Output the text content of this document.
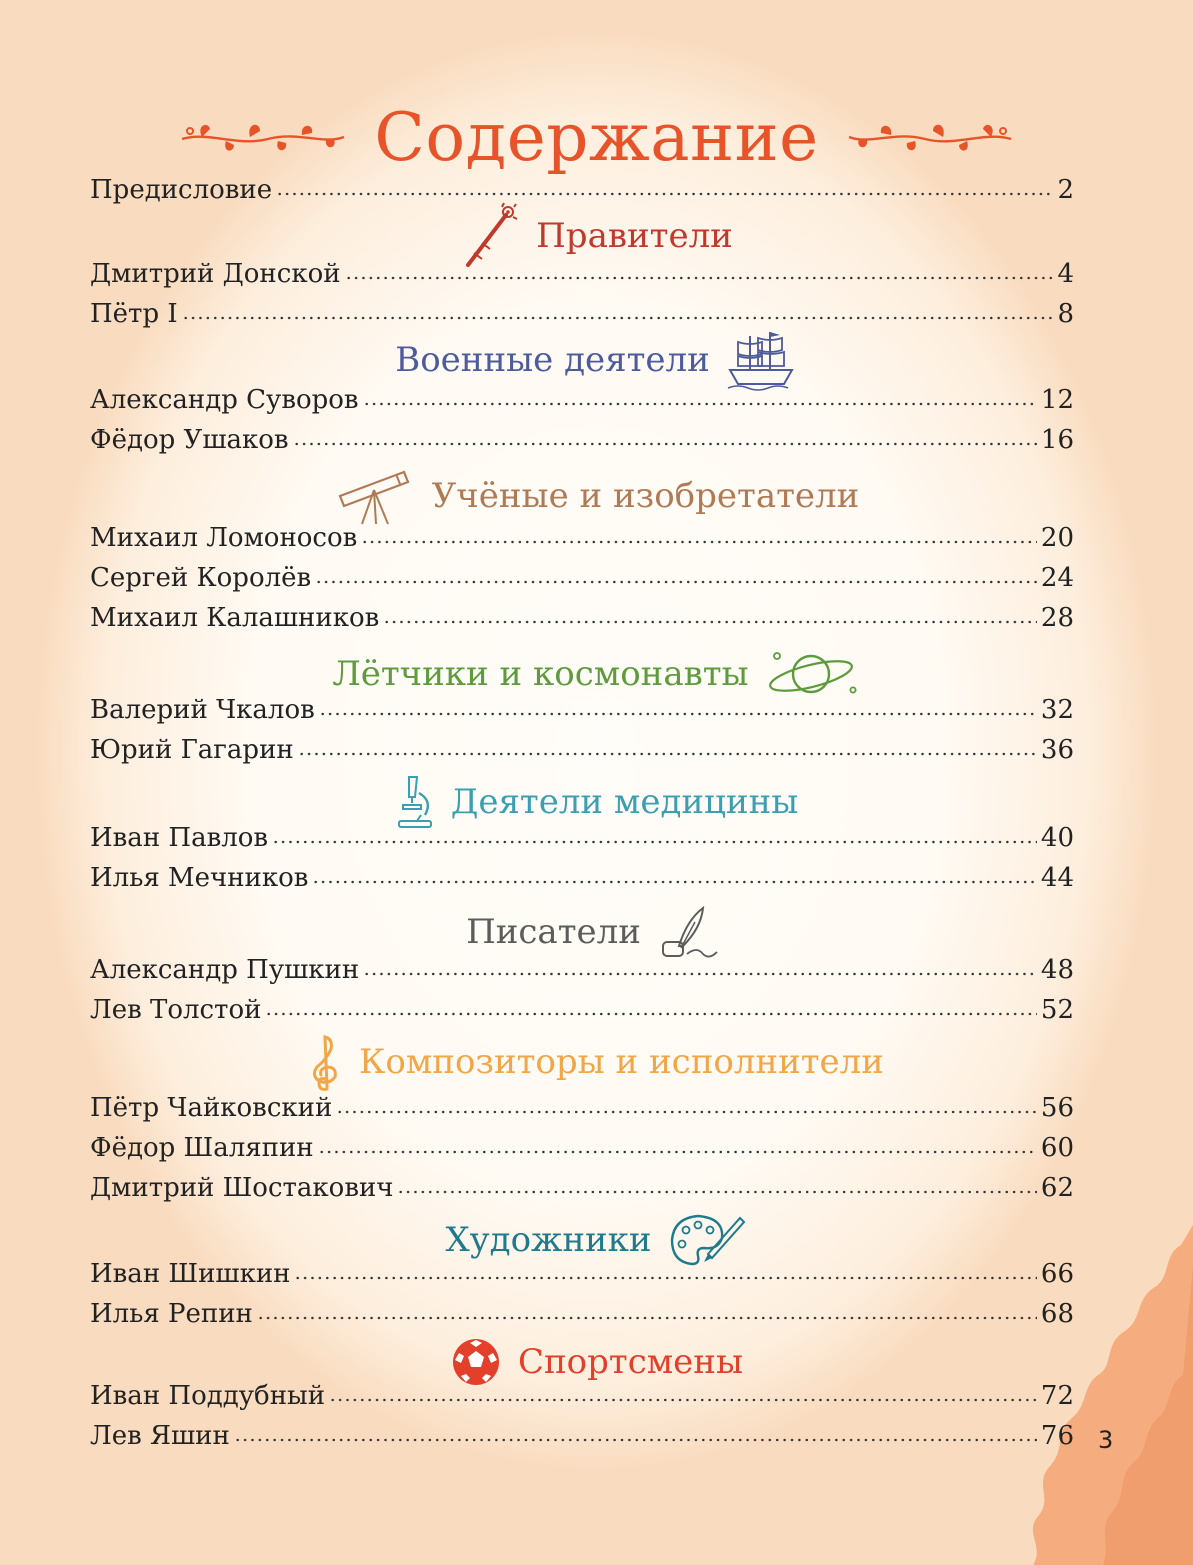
Содержание
Предисловие	2
Правители
Дмитрий Донской	4
Пётр I	8
Военные деятели
Александр Суворов	12
Фёдор Ушаков	16
Учёные и изобретатели
Михаил Ломоносов	20
Сергей Королёв	24
Михаил Калашников	28
Лётчики и космонавты
Валерий Чкалов	32
Юрий Гагарин	36
Деятели медицины
Иван Павлов	40
Илья Мечников	44
Писатели
Александр Пушкин	48
Лев Толстой	52
Композиторы и исполнители
Пётр Чайковский	56
Фёдор Шаляпин	60
Дмитрий Шостакович	62
Художники
Иван Шишкин	66
Илья Репин	68
Спортсмены
Иван Поддубный	72
Лев Яшин	76 3
